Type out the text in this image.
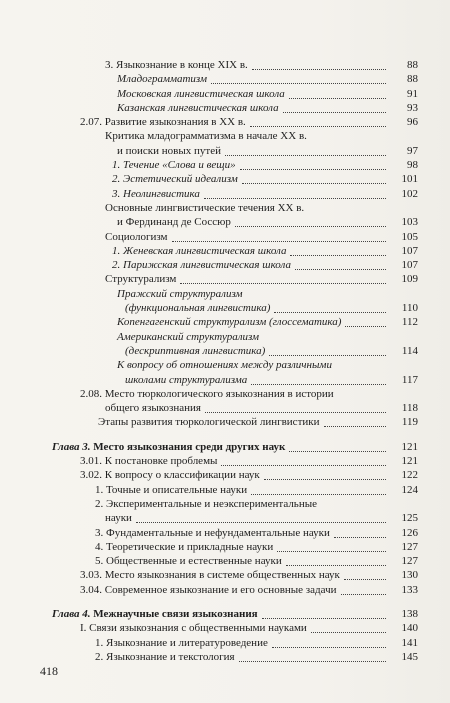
3. Языкознание в конце XIX в.	88
Младограмматизм	88
Московская лингвистическая школа	91
Казанская лингвистическая школа	93
2.07. Развитие языкознания в XX в.	96
Критика младограмматизма в начале XX в.
и поиски новых путей	97
1. Течение «Слова и вещи»	98
2. Эстетический идеализм	101
3. Неолингвистика	102
Основные лингвистические течения XX в.
и Фердинанд де Соссюр	103
Социологизм	105
1. Женевская лингвистическая школа	107
2. Парижская лингвистическая школа	107
Структурализм	109
Пражский структурализм
(функциональная лингвистика)	110
Копенгагенский структурализм (глоссематика)	112
Американский структурализм
(дескриптивная лингвистика)	114
К вопросу об отношениях между различными
школами структурализма	117
2.08. Место тюркологического языкознания в истории
общего языкознания	118
Этапы развития тюркологической лингвистики	119
Глава 3. Место языкознания среди других наук	121
3.01. К постановке проблемы	121
3.02. К вопросу о классификации наук	122
1. Точные и описательные науки	124
2. Экспериментальные и неэкспериментальные
науки	125
3. Фундаментальные и нефундаментальные науки	126
4. Теоретические и прикладные науки	127
5. Общественные и естественные науки	127
3.03. Место языкознания в системе общественных наук	130
3.04. Современное языкознание и его основные задачи	133
Глава 4. Межнаучные связи языкознания	138
I. Связи языкознания с общественными науками	140
1. Языкознание и литературоведение	141
2. Языкознание и текстология	145
418
